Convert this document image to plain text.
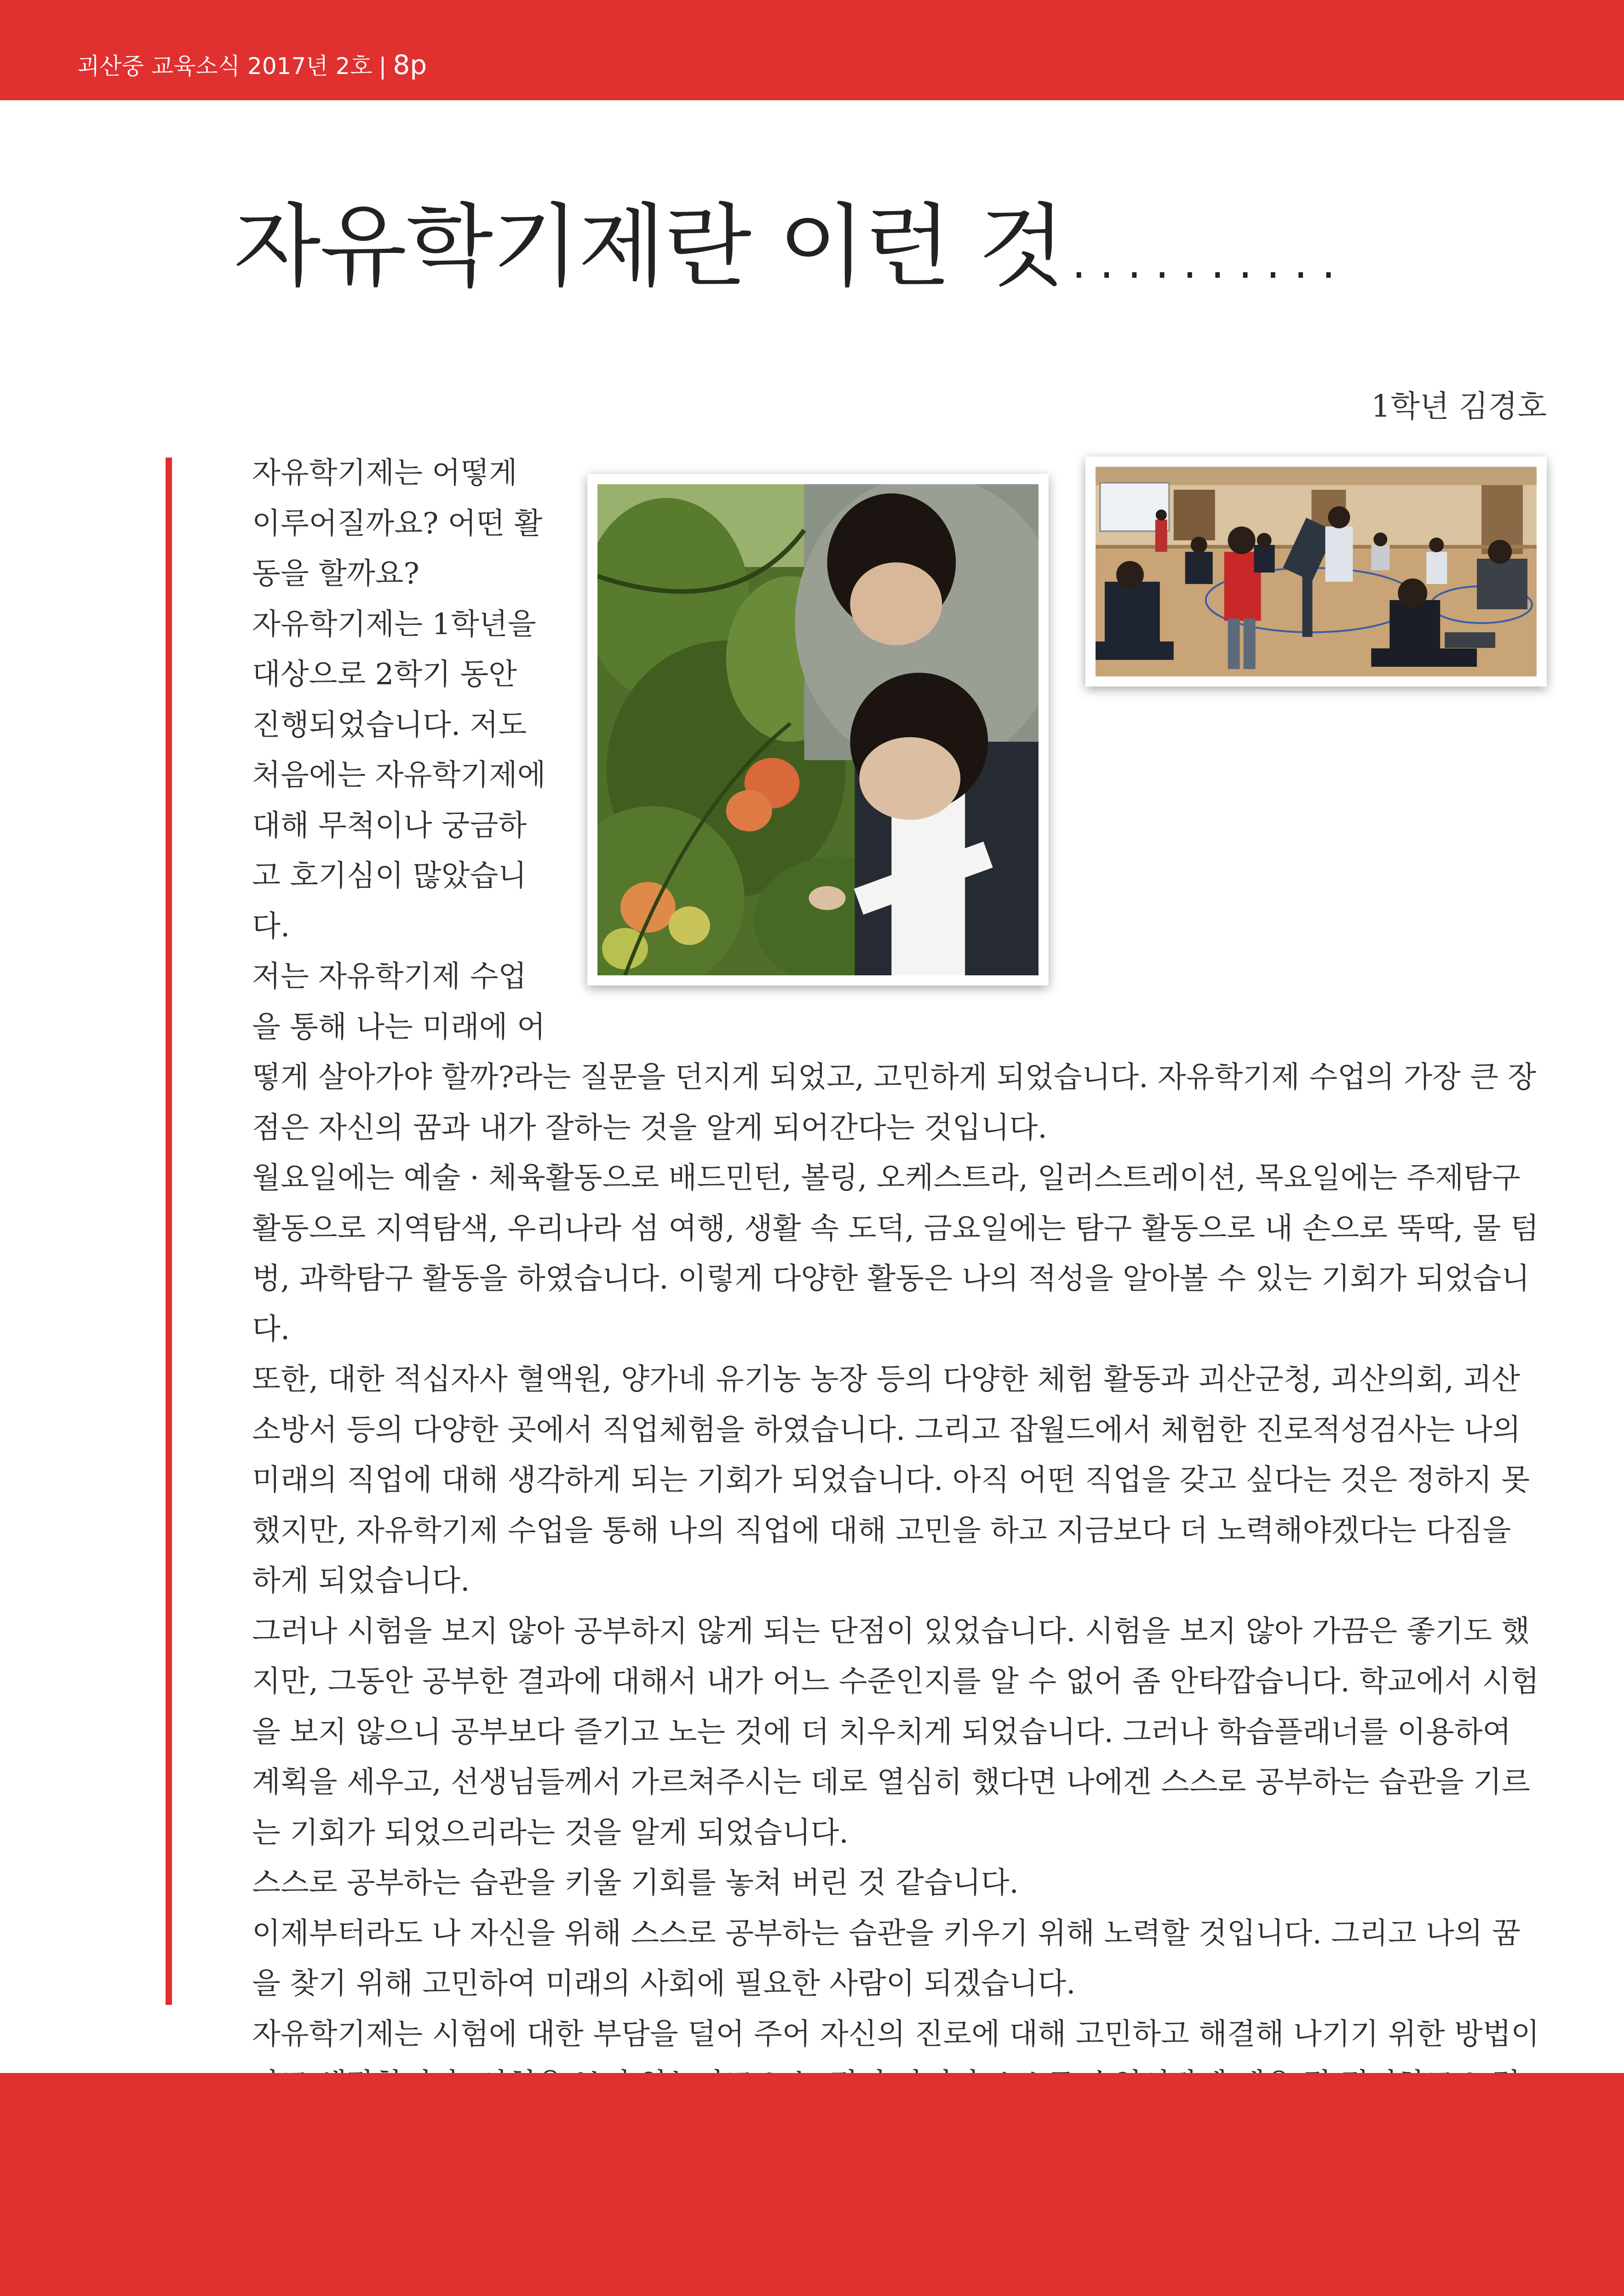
괴산중 교육소식 2017년 2호 | 8p
자유학기제란 이런 것..........
1학년 김경호

자유학기제는 어떻게 이루어질까요? 어떤 활동을 할까요?

자유학기제는 1학년을 대상으로 2학기 동안 진행되었습니다. 저도 처음에는 자유학기제에 대해 무척이나 궁금하고 호기심이 많았습니다.

저는 자유학기제 수업을 통해 나는 미래에 어떻게 살아가야 할까?라는 질문을 던지게 되었고, 고민하게 되었습니다. 자유학기제 수업의 가장 큰 장점은 자신의 꿈과 내가 잘하는 것을 알게 되어간다는 것입니다.

월요일에는 예술 · 체육활동으로 배드민턴, 볼링, 오케스트라, 일러스트레이션, 목요일에는 주제탐구 활동으로 지역탐색, 우리나라 섬 여행, 생활 속 도덕, 금요일에는 탐구 활동으로 내 손으로 뚝딱, 물 텀벙, 과학탐구 활동을 하였습니다. 이렇게 다양한 활동은 나의 적성을 알아볼 수 있는 기회가 되었습니다.

또한, 대한 적십자사 혈액원, 양가네 유기농 농장 등의 다양한 체험 활동과 괴산군청, 괴산의회, 괴산소방서 등의 다양한 곳에서 직업체험을 하였습니다. 그리고 잡월드에서 체험한 진로적성검사는 나의 미래의 직업에 대해 생각하게 되는 기회가 되었습니다. 아직 어떤 직업을 갖고 싶다는 것은 정하지 못했지만, 자유학기제 수업을 통해 나의 직업에 대해 고민을 하고 지금보다 더 노력해야겠다는 다짐을 하게 되었습니다.

그러나 시험을 보지 않아 공부하지 않게 되는 단점이 있었습니다. 시험을 보지 않아 가끔은 좋기도 했지만, 그동안 공부한 결과에 대해서 내가 어느 수준인지를 알 수 없어 좀 안타깝습니다. 학교에서 시험을 보지 않으니 공부보다 즐기고 노는 것에 더 치우치게 되었습니다. 그러나 학습플래너를 이용하여 계획을 세우고, 선생님들께서 가르쳐주시는 데로 열심히 했다면 나에겐 스스로 공부하는 습관을 기르는 기회가 되었으리라는 것을 알게 되었습니다.

스스로 공부하는 습관을 키울 기회를 놓쳐 버린 것 같습니다.

이제부터라도 나 자신을 위해 스스로 공부하는 습관을 키우기 위해 노력할 것입니다. 그리고 나의 꿈을 찾기 위해 고민하여 미래의 사회에 필요한 사람이 되겠습니다.

자유학기제는 시험에 대한 부담을 덜어 주어 자신의 진로에 대해 고민하고 해결해 나기기 위한 방법이
